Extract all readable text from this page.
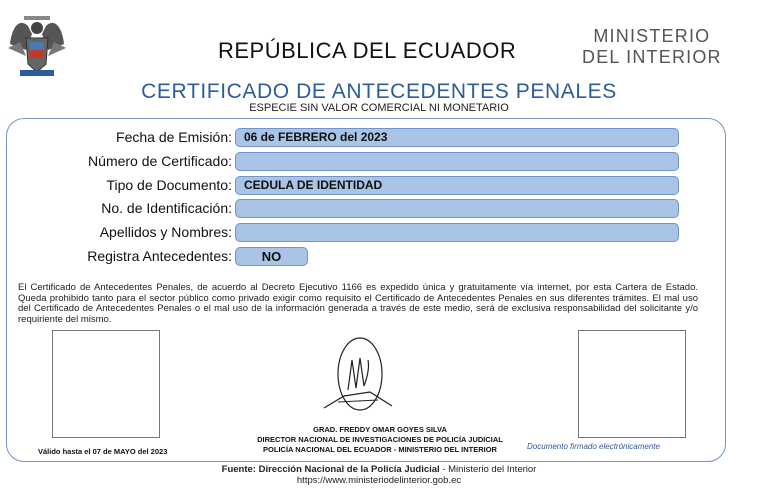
REPÚBLICA DEL ECUADOR
MINISTERIO
DEL INTERIOR
CERTIFICADO DE ANTECEDENTES PENALES
ESPECIE SIN VALOR COMERCIAL NI MONETARIO
Fecha de Emisión:	06 de FEBRERO del 2023
Número de Certificado:
Tipo de Documento:	CEDULA DE IDENTIDAD
No. de Identificación:
Apellidos y Nombres:
Registra Antecedentes:	NO
El Certificado de Antecedentes Penales, de acuerdo al Decreto Ejecutivo 1166 es expedido única y gratuitamente vía internet, por esta Cartera de Estado. Queda prohibido tanto para el sector público como privado exigir como requisito el Certificado de Antecedentes Penales en sus diferentes trámites. El mal uso del Certificado de Antecedentes Penales o el mal uso de la información generada a través de este medio, será de exclusiva responsabilidad del solicitante y/o requiriente del mismo.
Válido hasta el 07 de MAYO del 2023
GRAD. FREDDY OMAR GOYES SILVA
DIRECTOR NACIONAL DE INVESTIGACIONES DE POLICÍA JUDICIAL
POLICÍA NACIONAL DEL ECUADOR - MINISTERIO DEL INTERIOR	Documento firmado electrónicamente
Fuente: Dirección Nacional de la Policía Judicial - Ministerio del Interior
https://www.ministeriodelinterior.gob.ec
